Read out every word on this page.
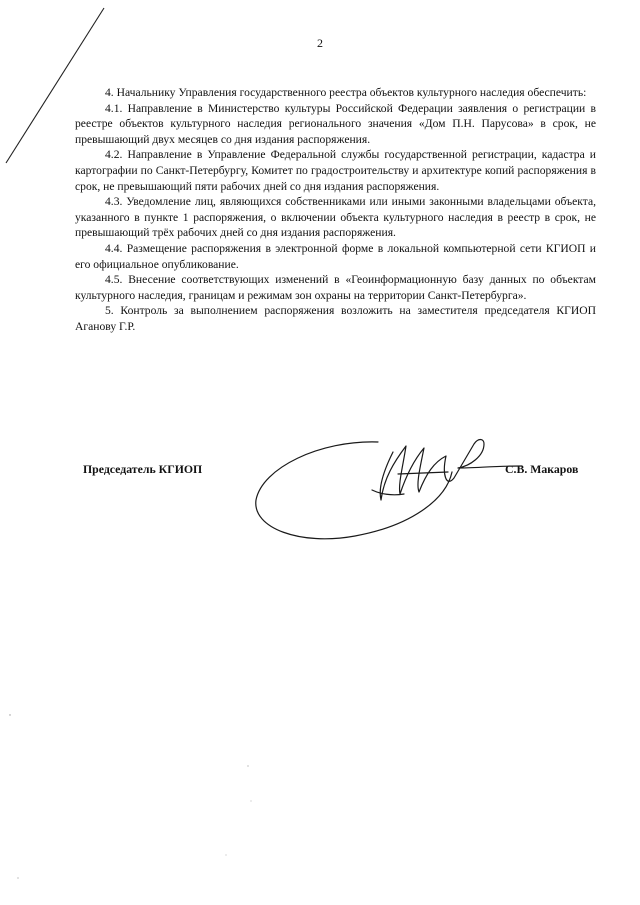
2

4. Начальнику Управления государственного реестра объектов культурного наследия обеспечить:

4.1. Направление в Министерство культуры Российской Федерации заявления о регистрации в реестре объектов культурного наследия регионального значения «Дом П.Н. Парусова» в срок, не превышающий двух месяцев со дня издания распоряжения.

4.2. Направление в Управление Федеральной службы государственной регистрации, кадастра и картографии по Санкт-Петербургу, Комитет по градостроительству и архитектуре копий распоряжения в срок, не превышающий пяти рабочих дней со дня издания распоряжения.

4.3. Уведомление лиц, являющихся собственниками или иными законными владельцами объекта, указанного в пункте 1 распоряжения, о включении объекта культурного наследия в реестр в срок, не превышающий трёх рабочих дней со дня издания распоряжения.

4.4. Размещение распоряжения в электронной форме в локальной компьютерной сети КГИОП и его официальное опубликование.

4.5. Внесение соответствующих изменений в «Геоинформационную базу данных по объектам культурного наследия, границам и режимам зон охраны на территории Санкт-Петербурга».

5. Контроль за выполнением распоряжения возложить на заместителя председателя КГИОП Аганову Г.Р.

Председатель КГИОП	С.В. Макаров
